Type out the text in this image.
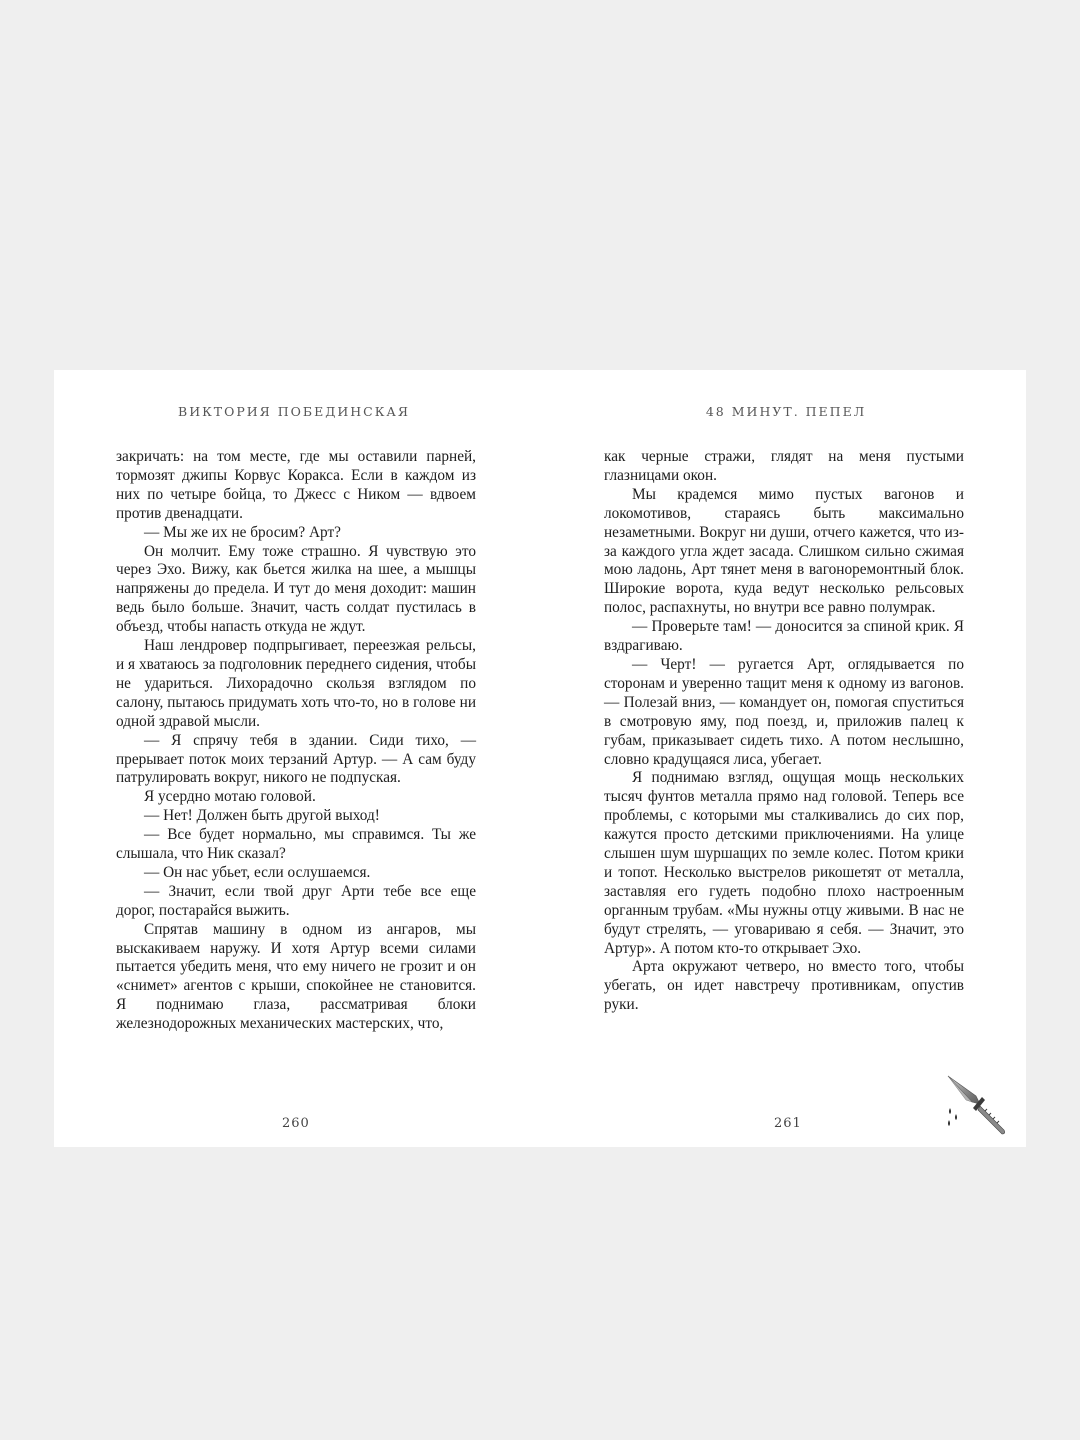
ВИКТОРИЯ ПОБЕДИНСКАЯ

закричать: на том месте, где мы оставили парней, тормозят джипы Корвус Коракса. Если в каждом из них по четыре бойца, то Джесс с Ником — вдвоем против двенадцати.

— Мы же их не бросим? Арт?

Он молчит. Ему тоже страшно. Я чувствую это через Эхо. Вижу, как бьется жилка на шее, а мышцы напряжены до предела. И тут до меня доходит: машин ведь было больше. Значит, часть солдат пустилась в объезд, чтобы напасть откуда не ждут.

Наш лендровер подпрыгивает, переезжая рельсы, и я хватаюсь за подголовник переднего сидения, чтобы не удариться. Лихорадочно скользя взглядом по салону, пытаюсь придумать хоть что-то, но в голове ни одной здравой мысли.

— Я спрячу тебя в здании. Сиди тихо, — прерывает поток моих терзаний Артур. — А сам буду патрулировать вокруг, никого не подпуская.

Я усердно мотаю головой.

— Нет! Должен быть другой выход!

— Все будет нормально, мы справимся. Ты же слышала, что Ник сказал?

— Он нас убьет, если ослушаемся.

— Значит, если твой друг Арти тебе все еще дорог, постарайся выжить.

Спрятав машину в одном из ангаров, мы выскакиваем наружу. И хотя Артур всеми силами пытается убедить меня, что ему ничего не грозит и он «снимет» агентов с крыши, спокойнее не становится. Я поднимаю глаза, рассматривая блоки железнодорожных механических мастерских, что,

260
48 МИНУТ. ПЕПЕЛ

как черные стражи, глядят на меня пустыми глазницами окон.

Мы крадемся мимо пустых вагонов и локомотивов, стараясь быть максимально незаметными. Вокруг ни души, отчего кажется, что из-за каждого угла ждет засада. Слишком сильно сжимая мою ладонь, Арт тянет меня в вагоноремонтный блок. Широкие ворота, куда ведут несколько рельсовых полос, распахнуты, но внутри все равно полумрак.

— Проверьте там! — доносится за спиной крик. Я вздрагиваю.

— Черт! — ругается Арт, оглядывается по сторонам и уверенно тащит меня к одному из вагонов. — Полезай вниз, — командует он, помогая спуститься в смотровую яму, под поезд, и, приложив палец к губам, приказывает сидеть тихо. А потом неслышно, словно крадущаяся лиса, убегает.

Я поднимаю взгляд, ощущая мощь нескольких тысяч фунтов металла прямо над головой. Теперь все проблемы, с которыми мы сталкивались до сих пор, кажутся просто детскими приключениями. На улице слышен шум шуршащих по земле колес. Потом крики и топот. Несколько выстрелов рикошетят от металла, заставляя его гудеть подобно плохо настроенным органным трубам. «Мы нужны отцу живыми. В нас не будут стрелять, — уговариваю я себя. — Значит, это Артур». А потом кто-то открывает Эхо.

Арта окружают четверо, но вместо того, чтобы убегать, он идет навстречу противникам, опустив руки.

261
